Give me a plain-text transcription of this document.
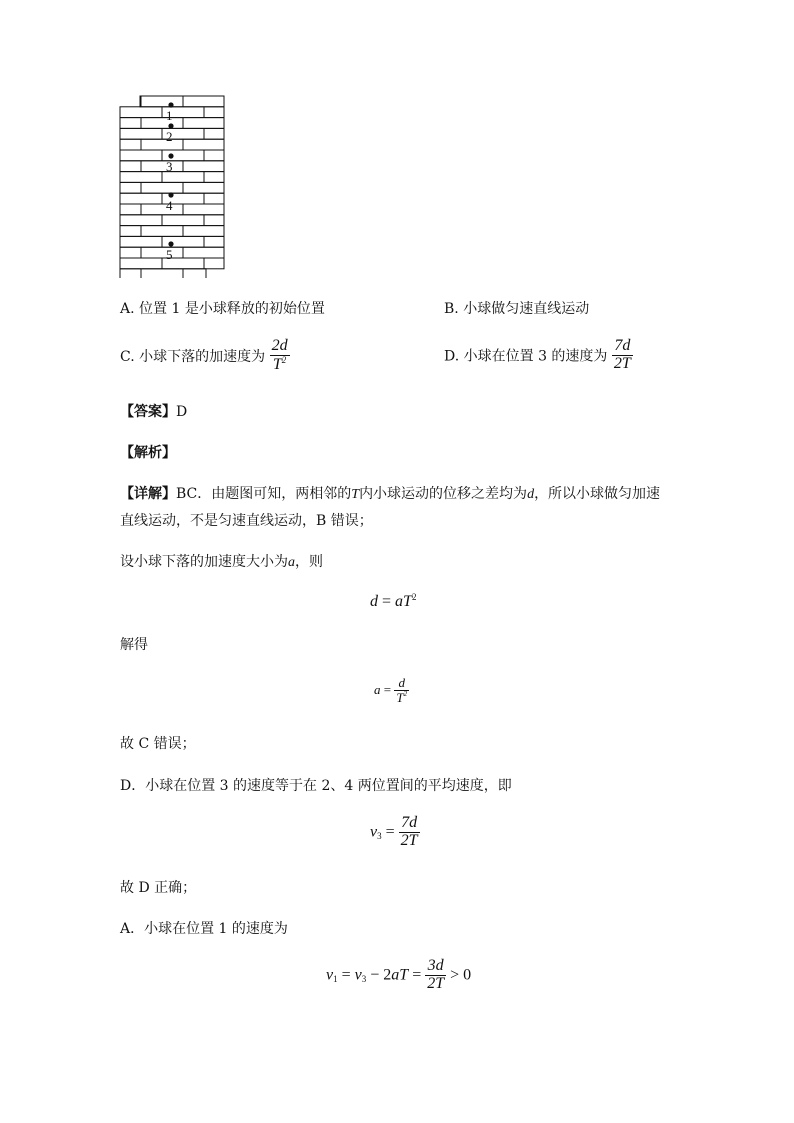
1
2
3
4
5
A. 位置 1 是小球释放的初始位置	B. 小球做匀速直线运动
C. 小球下落的加速度为 $\frac{2d}{T^2}$	D. 小球在位置 3 的速度为 $\frac{7d}{2T}$
【答案】D
【解析】
【详解】BC．由题图可知，两相邻的T内小球运动的位移之差均为d，所以小球做匀加速
直线运动，不是匀速直线运动，B 错误；
设小球下落的加速度大小为a，则
$d = aT^2$
解得
$a = \frac{d}{T^2}$
故 C 错误；
D．小球在位置 3 的速度等于在 2、4 两位置间的平均速度，即
$v_3 = \frac{7d}{2T}$
故 D 正确；
A．小球在位置 1 的速度为
$v_1 = v_3 - 2aT = \frac{3d}{2T} > 0$
